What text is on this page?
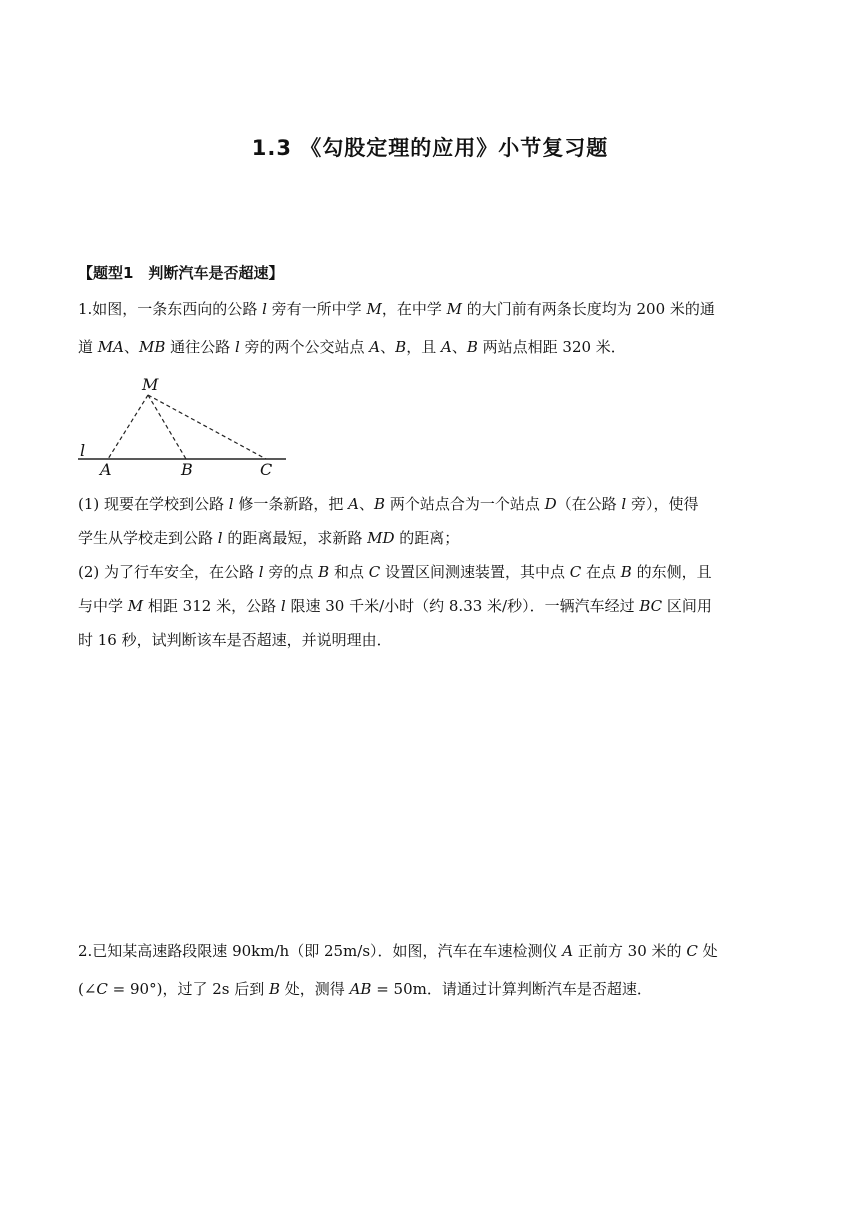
1.3 《勾股定理的应用》小节复习题
【题型1　判断汽车是否超速】
1.如图，一条东西向的公路 l 旁有一所中学 M，在中学 M 的大门前有两条长度均为 200 米的通
道 MA、MB 通往公路 l 旁的两个公交站点 A、B，且 A、B 两站点相距 320 米．
M
l
A	B	C
(1) 现要在学校到公路 l 修一条新路，把 A、B 两个站点合为一个站点 D（在公路 l 旁），使得
学生从学校走到公路 l 的距离最短，求新路 MD 的距离；
(2) 为了行车安全，在公路 l 旁的点 B 和点 C 设置区间测速装置，其中点 C 在点 B 的东侧，且
与中学 M 相距 312 米，公路 l 限速 30 千米/小时（约 8.33 米/秒）．一辆汽车经过 BC 区间用
时 16 秒，试判断该车是否超速，并说明理由．
2.已知某高速路段限速 90km/h（即 25m/s）．如图，汽车在车速检测仪 A 正前方 30 米的 C 处
(∠C = 90°)，过了 2s 后到 B 处，测得 AB = 50m．请通过计算判断汽车是否超速．
